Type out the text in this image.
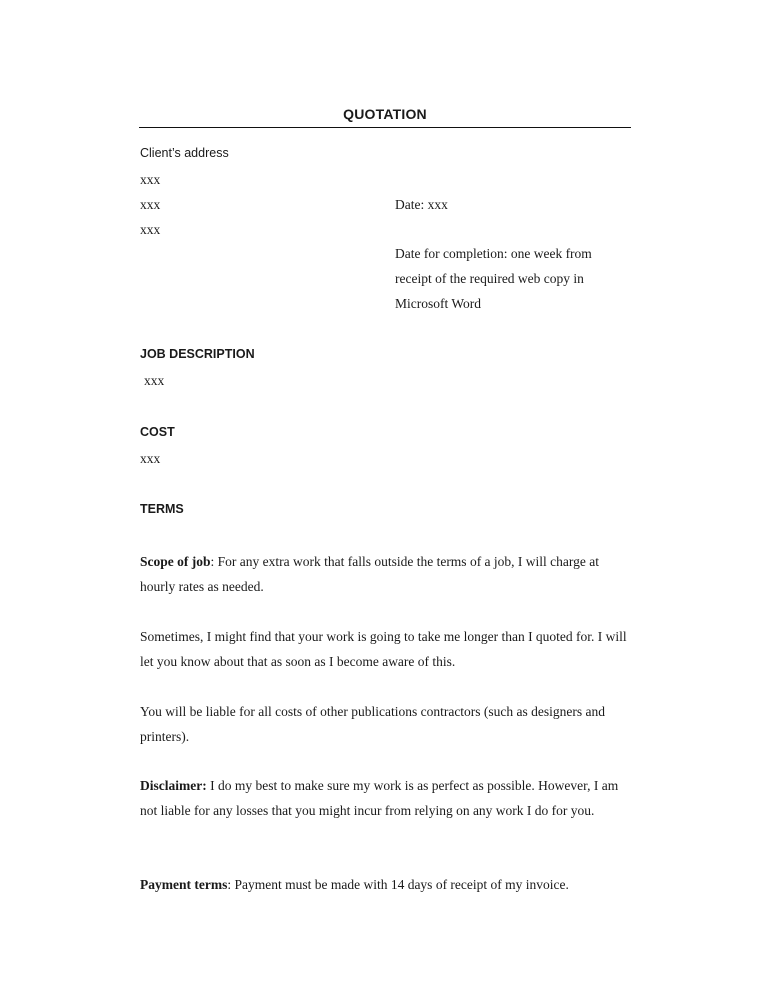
QUOTATION
Client’s address
xxx
xxx
xxx
Date: xxx
Date for completion: one week from
receipt of the required web copy in
Microsoft Word
JOB DESCRIPTION
xxx
COST
xxx
TERMS
Scope of job: For any extra work that falls outside the terms of a job, I will charge at hourly rates as needed.
Sometimes, I might find that your work is going to take me longer than I quoted for. I will let you know about that as soon as I become aware of this.
You will be liable for all costs of other publications contractors (such as designers and printers).
Disclaimer: I do my best to make sure my work is as perfect as possible. However, I am not liable for any losses that you might incur from relying on any work I do for you.
Payment terms: Payment must be made with 14 days of receipt of my invoice.
